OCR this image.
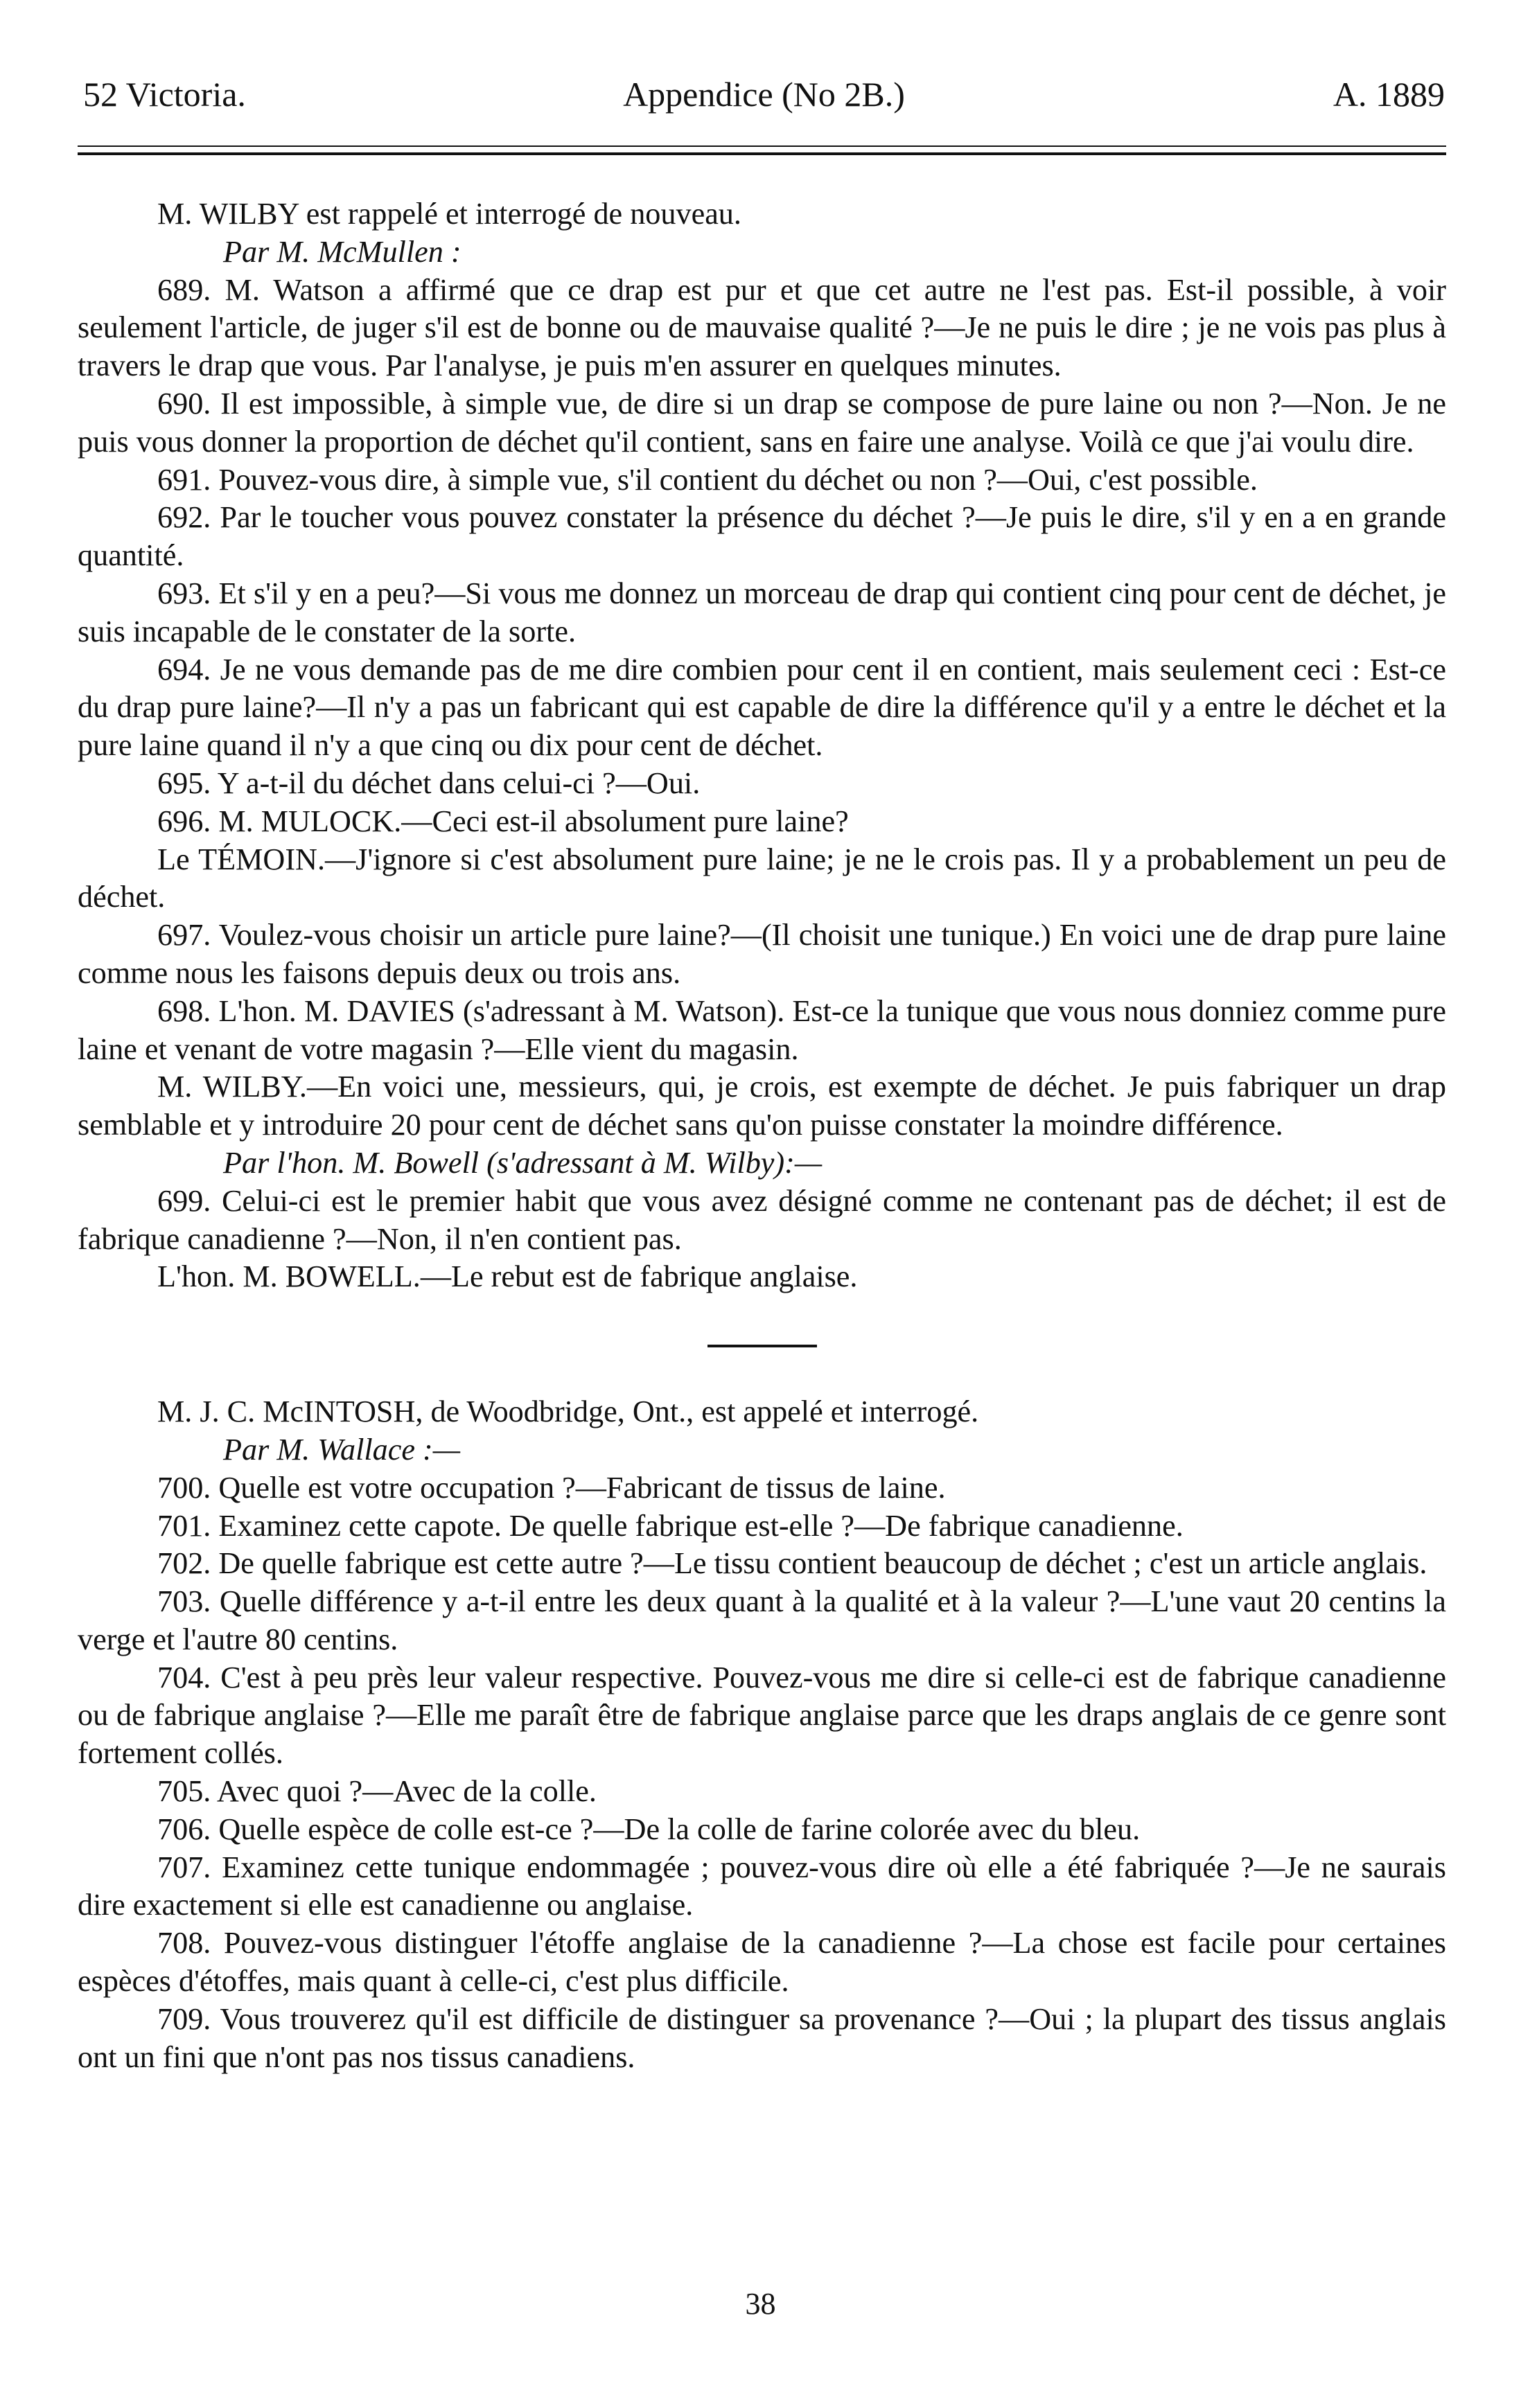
52 Victoria.	Appendice (No 2B.)	A. 1889

M. WILBY est rappelé et interrogé de nouveau.

Par M. McMullen :

689. M. Watson a affirmé que ce drap est pur et que cet autre ne l'est pas. Est-il possible, à voir seulement l'article, de juger s'il est de bonne ou de mauvaise qualité ?—Je ne puis le dire ; je ne vois pas plus à travers le drap que vous. Par l'analyse, je puis m'en assurer en quelques minutes.

690. Il est impossible, à simple vue, de dire si un drap se compose de pure laine ou non ?—Non. Je ne puis vous donner la proportion de déchet qu'il contient, sans en faire une analyse. Voilà ce que j'ai voulu dire.

691. Pouvez-vous dire, à simple vue, s'il contient du déchet ou non ?—Oui, c'est possible.

692. Par le toucher vous pouvez constater la présence du déchet ?—Je puis le dire, s'il y en a en grande quantité.

693. Et s'il y en a peu?—Si vous me donnez un morceau de drap qui contient cinq pour cent de déchet, je suis incapable de le constater de la sorte.

694. Je ne vous demande pas de me dire combien pour cent il en contient, mais seulement ceci : Est-ce du drap pure laine?—Il n'y a pas un fabricant qui est capable de dire la différence qu'il y a entre le déchet et la pure laine quand il n'y a que cinq ou dix pour cent de déchet.

695. Y a-t-il du déchet dans celui-ci ?—Oui.

696. M. MULOCK.—Ceci est-il absolument pure laine?

Le TÉMOIN.—J'ignore si c'est absolument pure laine; je ne le crois pas. Il y a probablement un peu de déchet.

697. Voulez-vous choisir un article pure laine?—(Il choisit une tunique.) En voici une de drap pure laine comme nous les faisons depuis deux ou trois ans.

698. L'hon. M. DAVIES (s'adressant à M. Watson). Est-ce la tunique que vous nous donniez comme pure laine et venant de votre magasin ?—Elle vient du magasin.

M. WILBY.—En voici une, messieurs, qui, je crois, est exempte de déchet. Je puis fabriquer un drap semblable et y introduire 20 pour cent de déchet sans qu'on puisse constater la moindre différence.

Par l'hon. M. Bowell (s'adressant à M. Wilby):—

699. Celui-ci est le premier habit que vous avez désigné comme ne contenant pas de déchet; il est de fabrique canadienne ?—Non, il n'en contient pas.

L'hon. M. BOWELL.—Le rebut est de fabrique anglaise.

M. J. C. McINTOSH, de Woodbridge, Ont., est appelé et interrogé.

Par M. Wallace :—

700. Quelle est votre occupation ?—Fabricant de tissus de laine.

701. Examinez cette capote. De quelle fabrique est-elle ?—De fabrique canadienne.

702. De quelle fabrique est cette autre ?—Le tissu contient beaucoup de déchet ; c'est un article anglais.

703. Quelle différence y a-t-il entre les deux quant à la qualité et à la valeur ?—L'une vaut 20 centins la verge et l'autre 80 centins.

704. C'est à peu près leur valeur respective. Pouvez-vous me dire si celle-ci est de fabrique canadienne ou de fabrique anglaise ?—Elle me paraît être de fabrique anglaise parce que les draps anglais de ce genre sont fortement collés.

705. Avec quoi ?—Avec de la colle.

706. Quelle espèce de colle est-ce ?—De la colle de farine colorée avec du bleu.

707. Examinez cette tunique endommagée ; pouvez-vous dire où elle a été fabriquée ?—Je ne saurais dire exactement si elle est canadienne ou anglaise.

708. Pouvez-vous distinguer l'étoffe anglaise de la canadienne ?—La chose est facile pour certaines espèces d'étoffes, mais quant à celle-ci, c'est plus difficile.

709. Vous trouverez qu'il est difficile de distinguer sa provenance ?—Oui ; la plupart des tissus anglais ont un fini que n'ont pas nos tissus canadiens.

38
